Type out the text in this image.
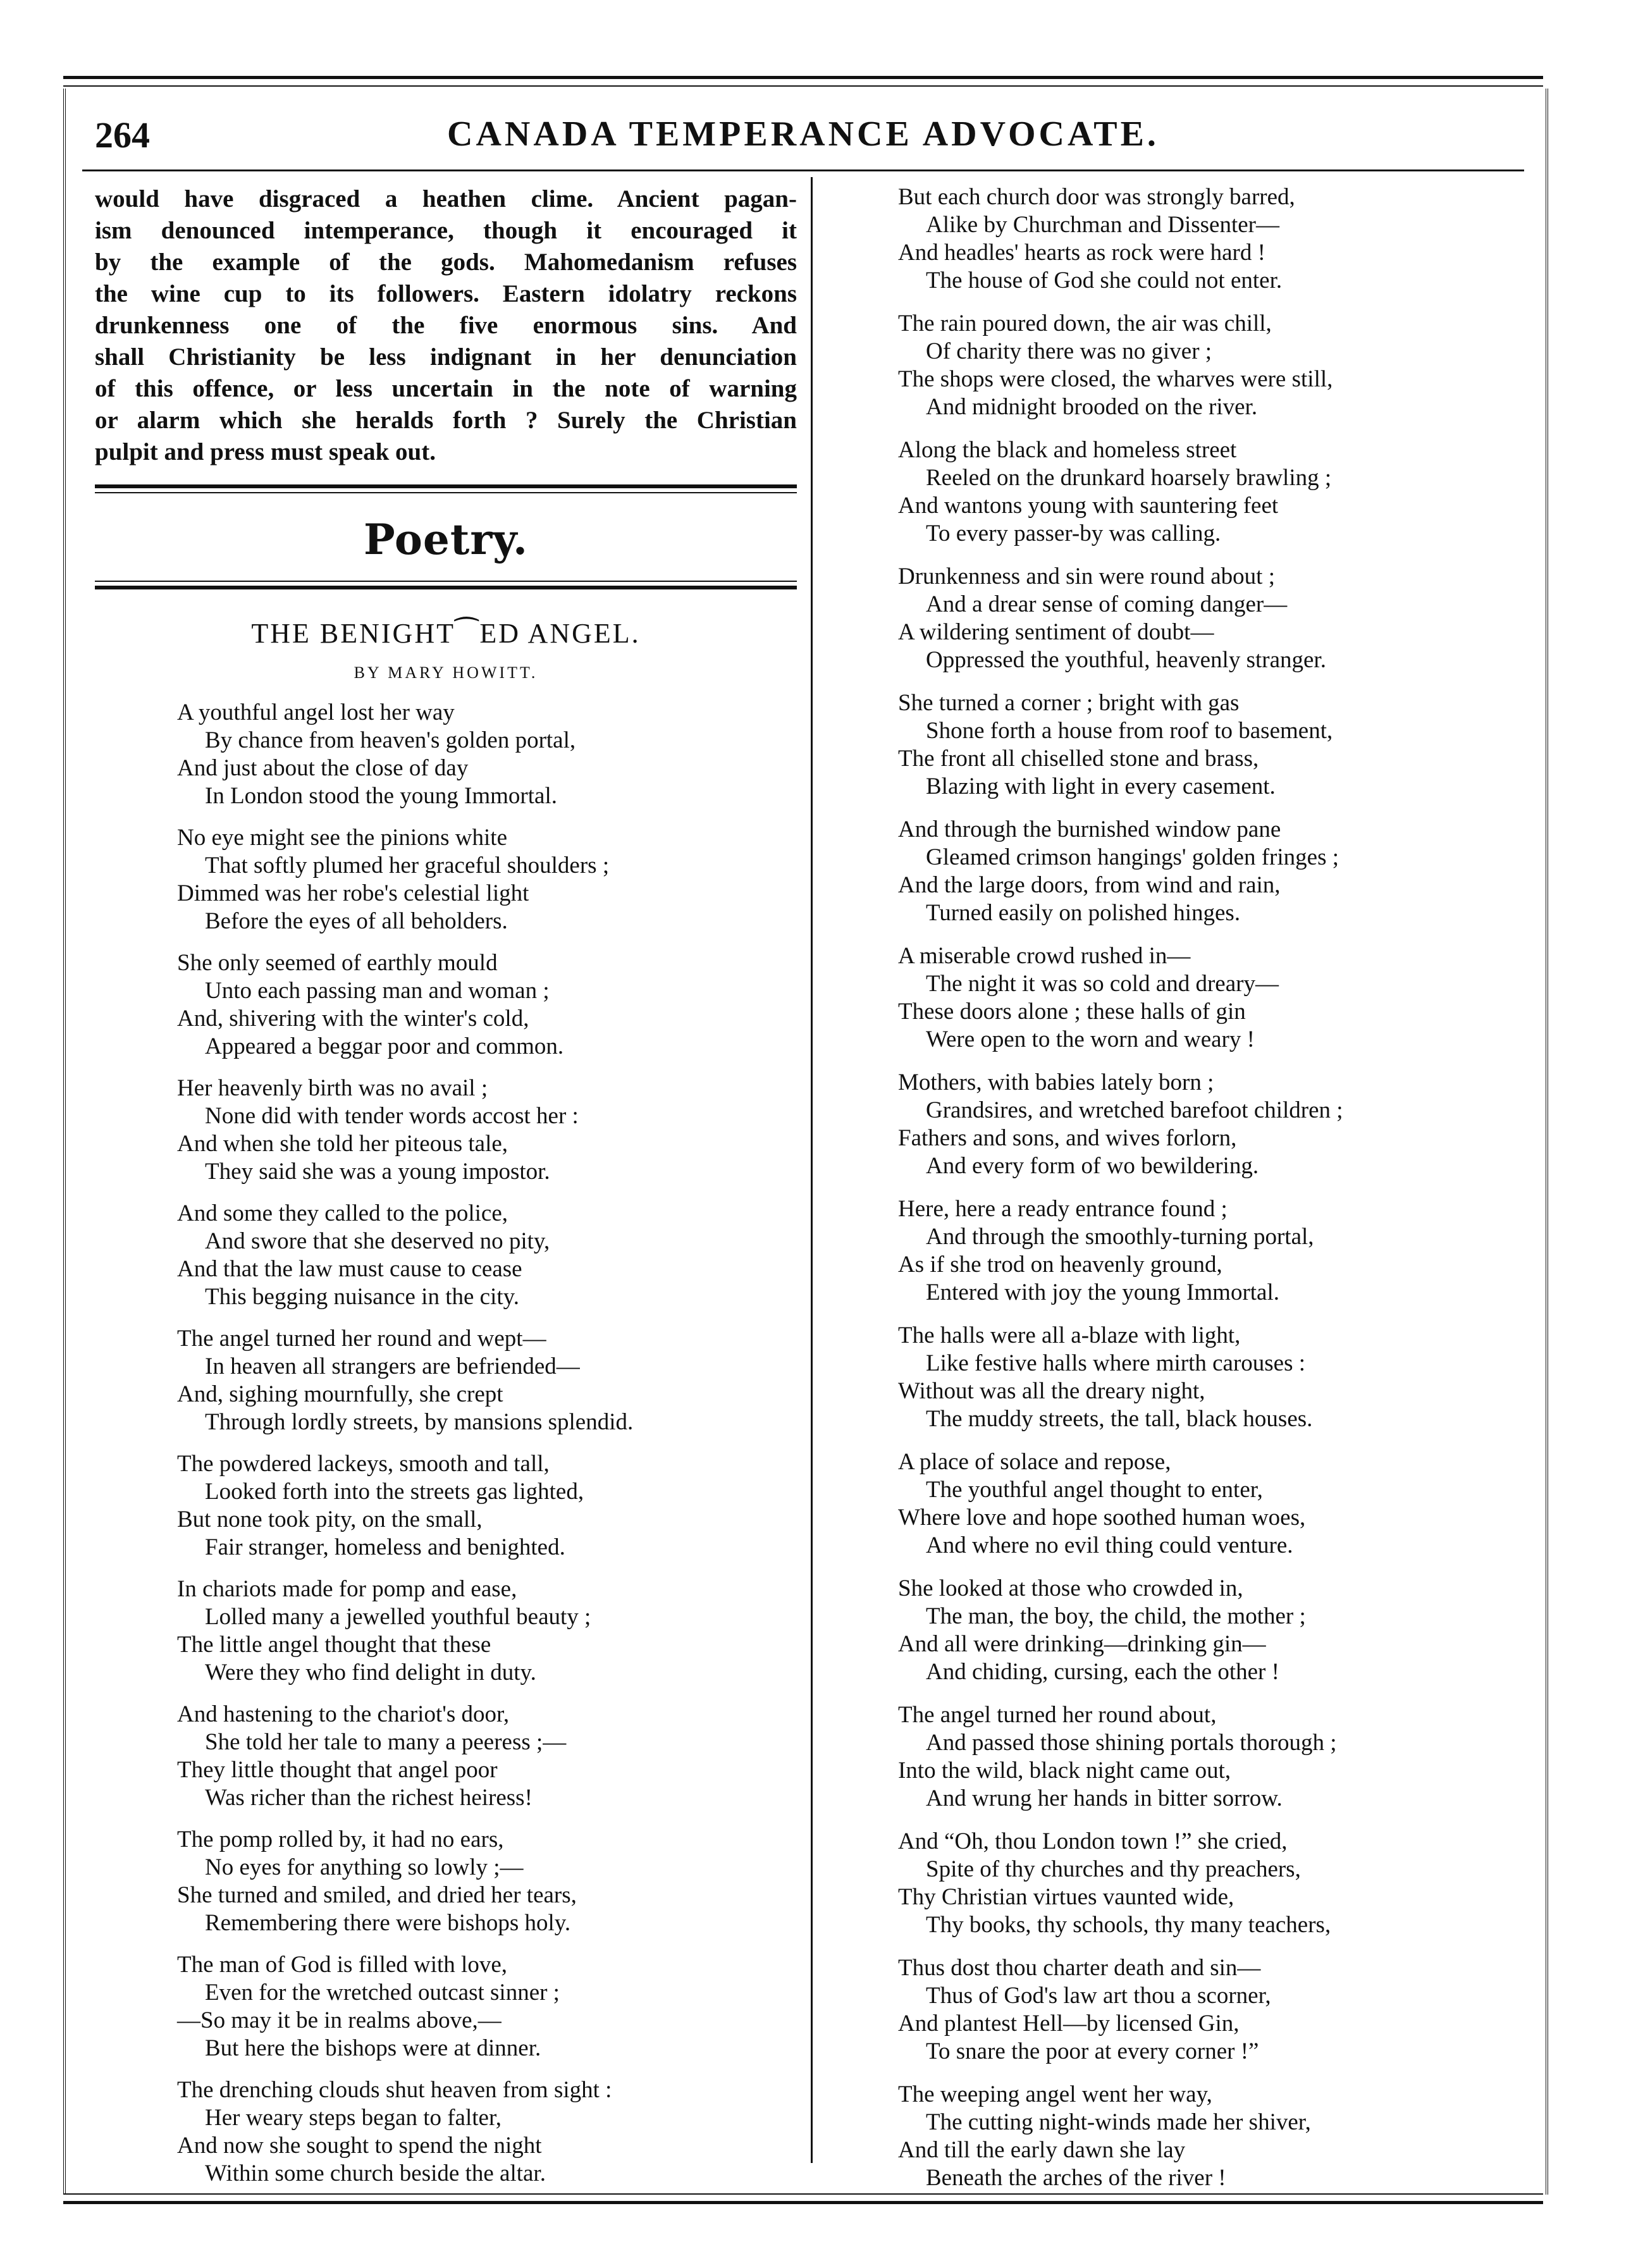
264	CANADA TEMPERANCE ADVOCATE.
would have disgraced a heathen clime. Ancient pagan-
ism denounced intemperance, though it encouraged it
by the example of the gods. Mahomedanism refuses
the wine cup to its followers. Eastern idolatry reckons
drunkenness one of the five enormous sins. And
shall Christianity be less indignant in her denunciation
of this offence, or less uncertain in the note of warning
or alarm which she heralds forth ? Surely the Christian
pulpit and press must speak out.
Poetry.
THE BENIGHT⁀ED ANGEL.
BY MARY HOWITT.
A youthful angel lost her way
By chance from heaven's golden portal,
And just about the close of day
In London stood the young Immortal.
No eye might see the pinions white
That softly plumed her graceful shoulders ;
Dimmed was her robe's celestial light
Before the eyes of all beholders.
She only seemed of earthly mould
Unto each passing man and woman ;
And, shivering with the winter's cold,
Appeared a beggar poor and common.
Her heavenly birth was no avail ;
None did with tender words accost her :
And when she told her piteous tale,
They said she was a young impostor.
And some they called to the police,
And swore that she deserved no pity,
And that the law must cause to cease
This begging nuisance in the city.
The angel turned her round and wept—
In heaven all strangers are befriended—
And, sighing mournfully, she crept
Through lordly streets, by mansions splendid.
The powdered lackeys, smooth and tall,
Looked forth into the streets gas lighted,
But none took pity, on the small,
Fair stranger, homeless and benighted.
In chariots made for pomp and ease,
Lolled many a jewelled youthful beauty ;
The little angel thought that these
Were they who find delight in duty.
And hastening to the chariot's door,
She told her tale to many a peeress ;—
They little thought that angel poor
Was richer than the richest heiress!
The pomp rolled by, it had no ears,
No eyes for anything so lowly ;—
She turned and smiled, and dried her tears,
Remembering there were bishops holy.
The man of God is filled with love,
Even for the wretched outcast sinner ;
—So may it be in realms above,—
But here the bishops were at dinner.
The drenching clouds shut heaven from sight :
Her weary steps began to falter,
And now she sought to spend the night
Within some church beside the altar.
But each church door was strongly barred,
Alike by Churchman and Dissenter—
And headles' hearts as rock were hard !
The house of God she could not enter.
The rain poured down, the air was chill,
Of charity there was no giver ;
The shops were closed, the wharves were still,
And midnight brooded on the river.
Along the black and homeless street
Reeled on the drunkard hoarsely brawling ;
And wantons young with sauntering feet
To every passer-by was calling.
Drunkenness and sin were round about ;
And a drear sense of coming danger—
A wildering sentiment of doubt—
Oppressed the youthful, heavenly stranger.
She turned a corner ; bright with gas
Shone forth a house from roof to basement,
The front all chiselled stone and brass,
Blazing with light in every casement.
And through the burnished window pane
Gleamed crimson hangings' golden fringes ;
And the large doors, from wind and rain,
Turned easily on polished hinges.
A miserable crowd rushed in—
The night it was so cold and dreary—
These doors alone ; these halls of gin
Were open to the worn and weary !
Mothers, with babies lately born ;
Grandsires, and wretched barefoot children ;
Fathers and sons, and wives forlorn,
And every form of wo bewildering.
Here, here a ready entrance found ;
And through the smoothly-turning portal,
As if she trod on heavenly ground,
Entered with joy the young Immortal.
The halls were all a-blaze with light,
Like festive halls where mirth carouses :
Without was all the dreary night,
The muddy streets, the tall, black houses.
A place of solace and repose,
The youthful angel thought to enter,
Where love and hope soothed human woes,
And where no evil thing could venture.
She looked at those who crowded in,
The man, the boy, the child, the mother ;
And all were drinking—drinking gin—
And chiding, cursing, each the other !
The angel turned her round about,
And passed those shining portals thorough ;
Into the wild, black night came out,
And wrung her hands in bitter sorrow.
And “Oh, thou London town !” she cried,
Spite of thy churches and thy preachers,
Thy Christian virtues vaunted wide,
Thy books, thy schools, thy many teachers,
Thus dost thou charter death and sin—
Thus of God's law art thou a scorner,
And plantest Hell—by licensed Gin,
To snare the poor at every corner !”
The weeping angel went her way,
The cutting night-winds made her shiver,
And till the early dawn she lay
Beneath the arches of the river !
